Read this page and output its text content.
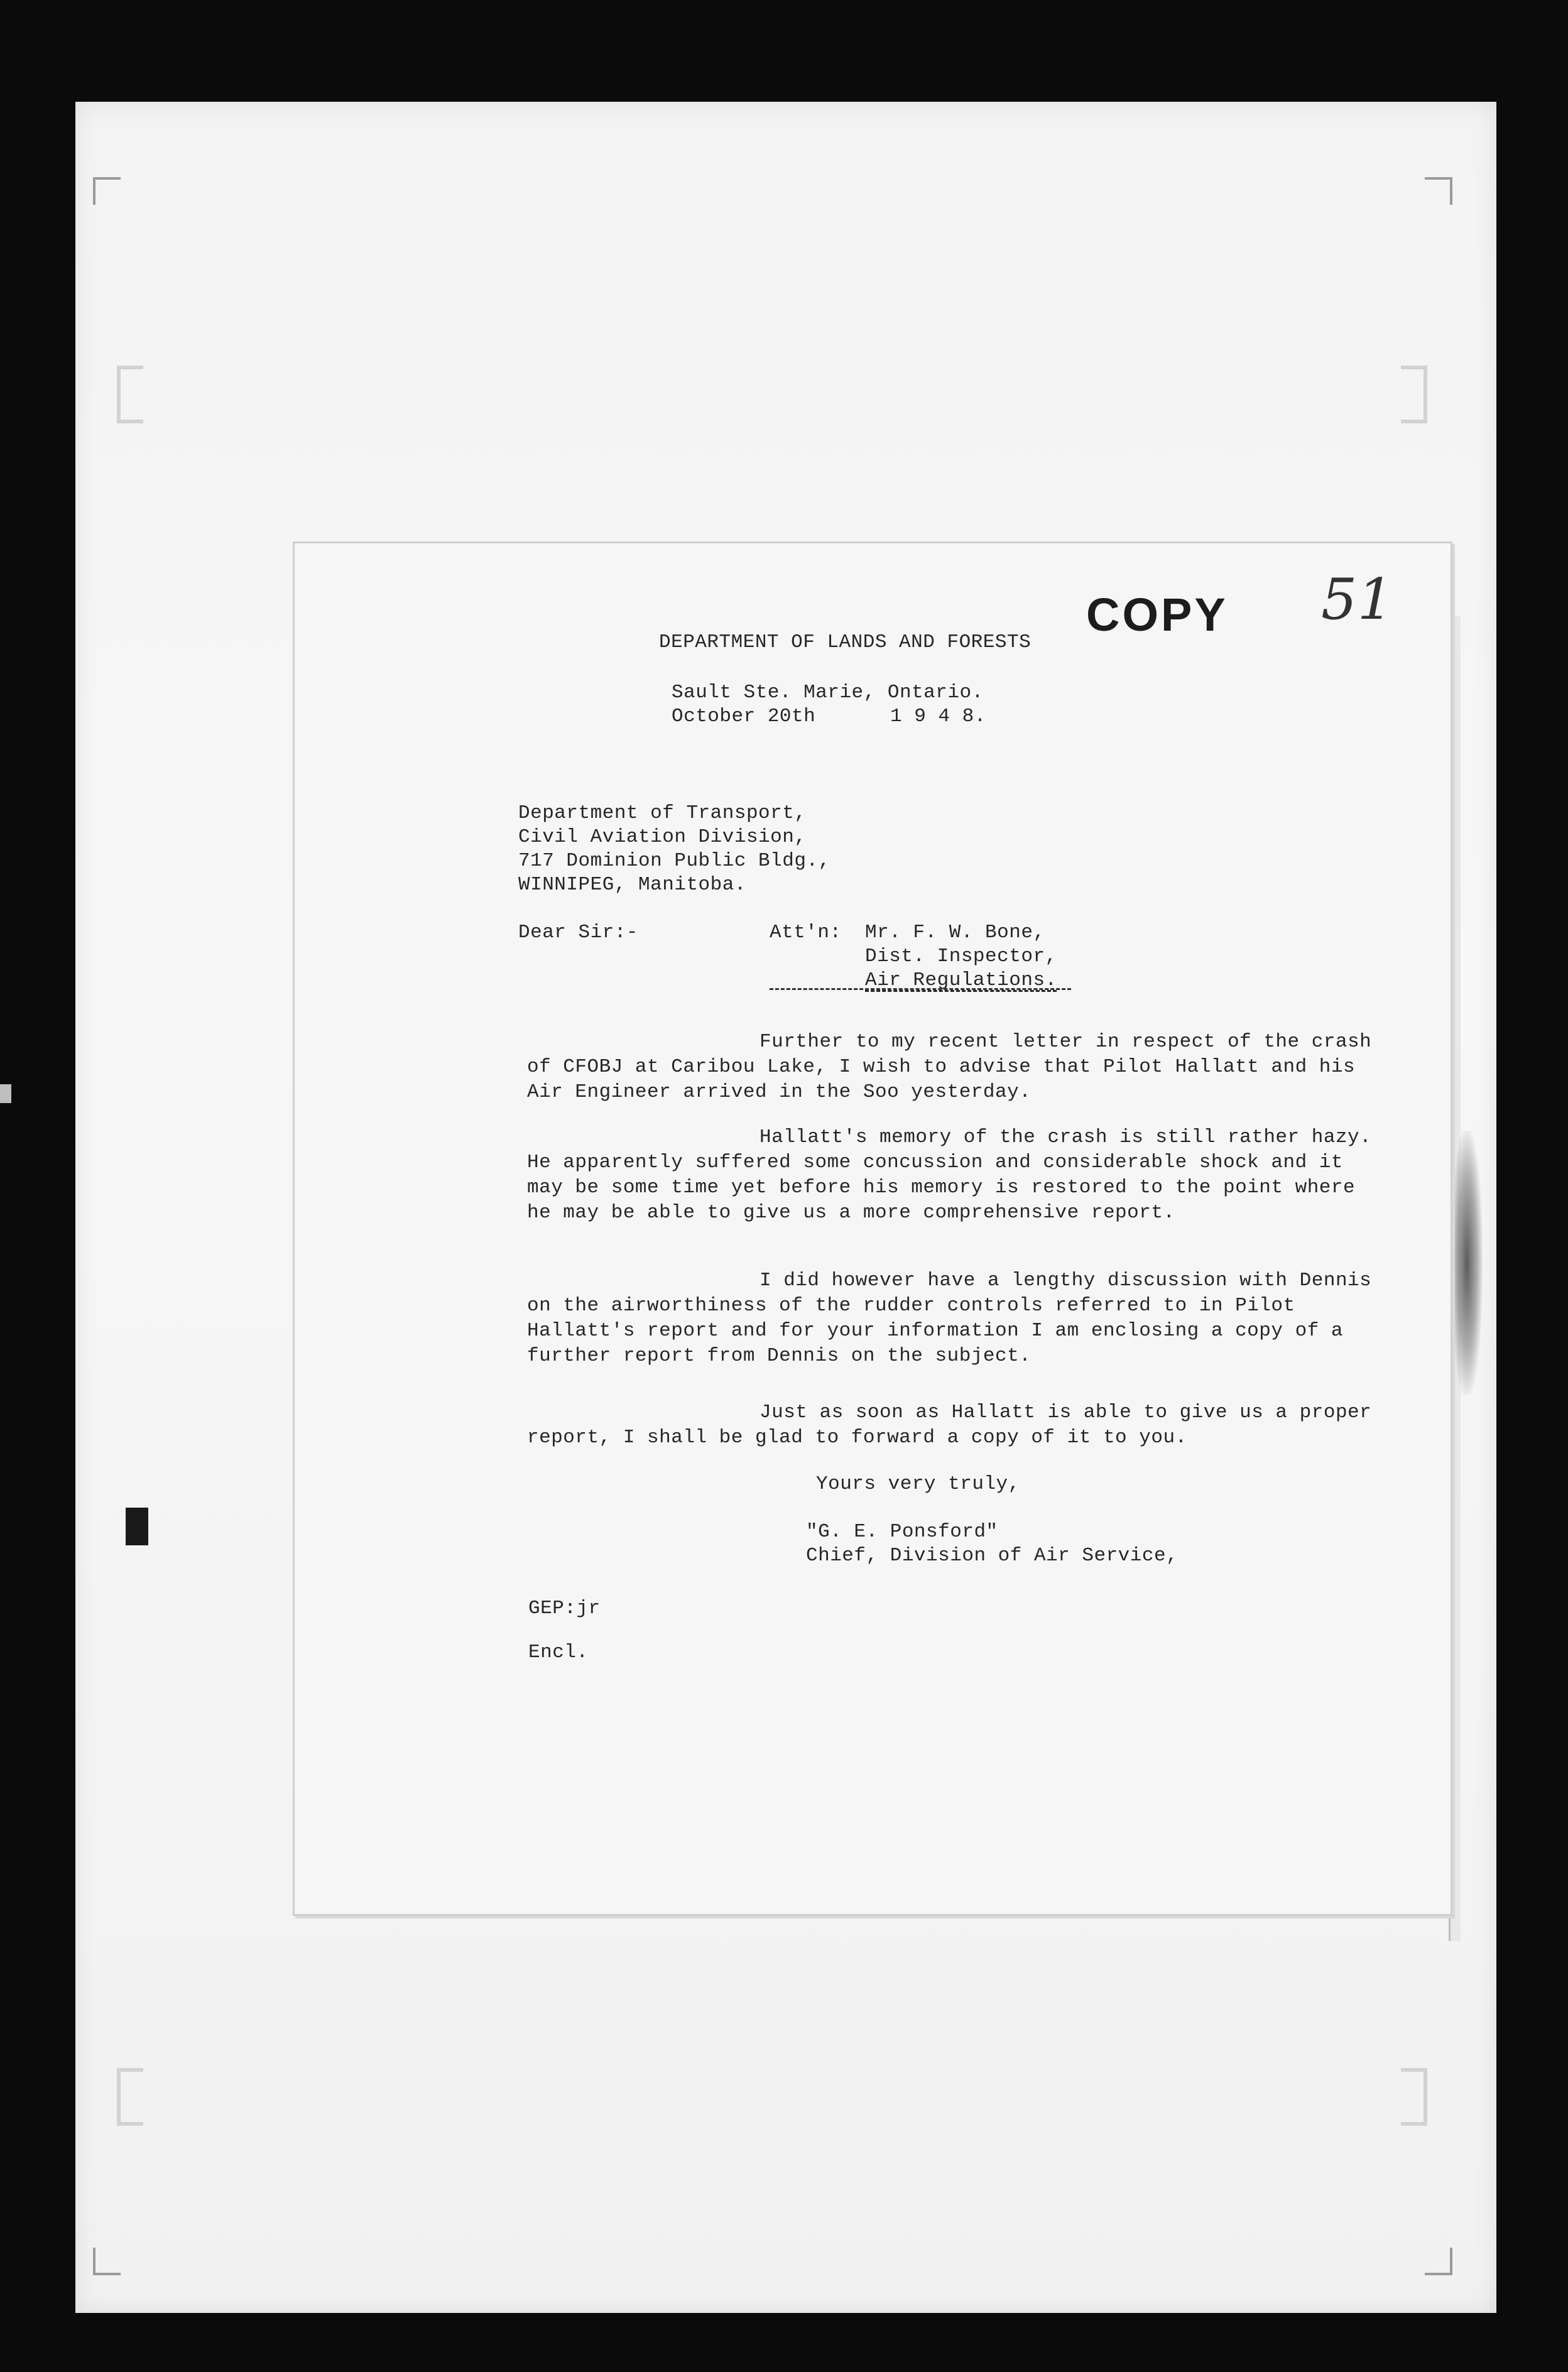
COPY 51
DEPARTMENT OF LANDS AND FORESTS
Sault Ste. Marie, Ontario.
October 20th	1 9 4 8.
Department of Transport,
Civil Aviation Division,
717 Dominion Public Bldg.,
WINNIPEG, Manitoba.
Dear Sir:-	Att'n: Mr. F. W. Bone,
Dist. Inspector,
Air Regulations.
Further to my recent letter in respect of the crash of CFOBJ at Caribou Lake, I wish to advise that Pilot Hallatt and his Air Engineer arrived in the Soo yesterday.
Hallatt's memory of the crash is still rather hazy. He apparently suffered some concussion and considerable shock and it may be some time yet before his memory is restored to the point where he may be able to give us a more comprehensive report.
I did however have a lengthy discussion with Dennis on the airworthiness of the rudder controls referred to in Pilot Hallatt's report and for your information I am enclosing a copy of a further report from Dennis on the subject.
Just as soon as Hallatt is able to give us a proper report, I shall be glad to forward a copy of it to you.
Yours very truly,
"G. E. Ponsford"
Chief, Division of Air Service,
GEP:jr
Encl.
